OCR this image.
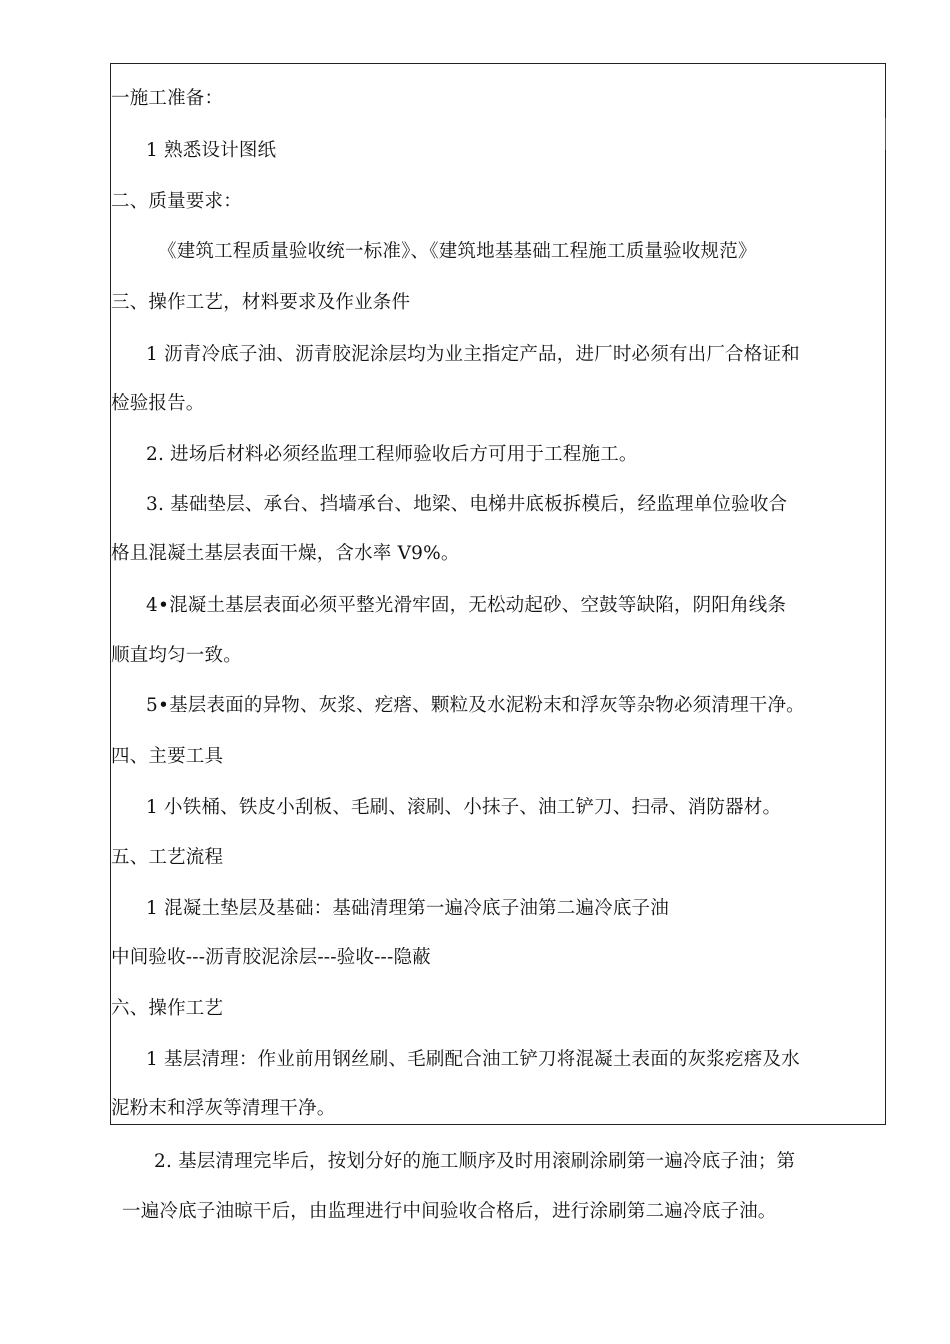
一施工准备：
1 熟悉设计图纸
二、质量要求：
《建筑工程质量验收统一标准》、《建筑地基基础工程施工质量验收规范》
三、操作工艺，材料要求及作业条件
1 沥青冷底子油、沥青胶泥涂层均为业主指定产品，进厂时必须有出厂合格证和
检验报告。
2. 进场后材料必须经监理工程师验收后方可用于工程施工。
3. 基础垫层、承台、挡墙承台、地梁、电梯井底板拆模后，经监理单位验收合
格且混凝土基层表面干燥，含水率 V9%。
4•混凝土基层表面必须平整光滑牢固，无松动起砂、空鼓等缺陷，阴阳角线条
顺直均匀一致。
5•基层表面的异物、灰浆、疙瘩、颗粒及水泥粉末和浮灰等杂物必须清理干净。
四、主要工具
1 小铁桶、铁皮小刮板、毛刷、滚刷、小抹子、油工铲刀、扫帚、消防器材。
五、工艺流程
1 混凝土垫层及基础：基础清理第一遍冷底子油第二遍冷底子油
中间验收---沥青胶泥涂层---验收---隐蔽
六、操作工艺
1 基层清理：作业前用钢丝刷、毛刷配合油工铲刀将混凝土表面的灰浆疙瘩及水
泥粉末和浮灰等清理干净。
2. 基层清理完毕后，按划分好的施工顺序及时用滚刷涂刷第一遍冷底子油；第
一遍冷底子油晾干后，由监理进行中间验收合格后，进行涂刷第二遍冷底子油。
